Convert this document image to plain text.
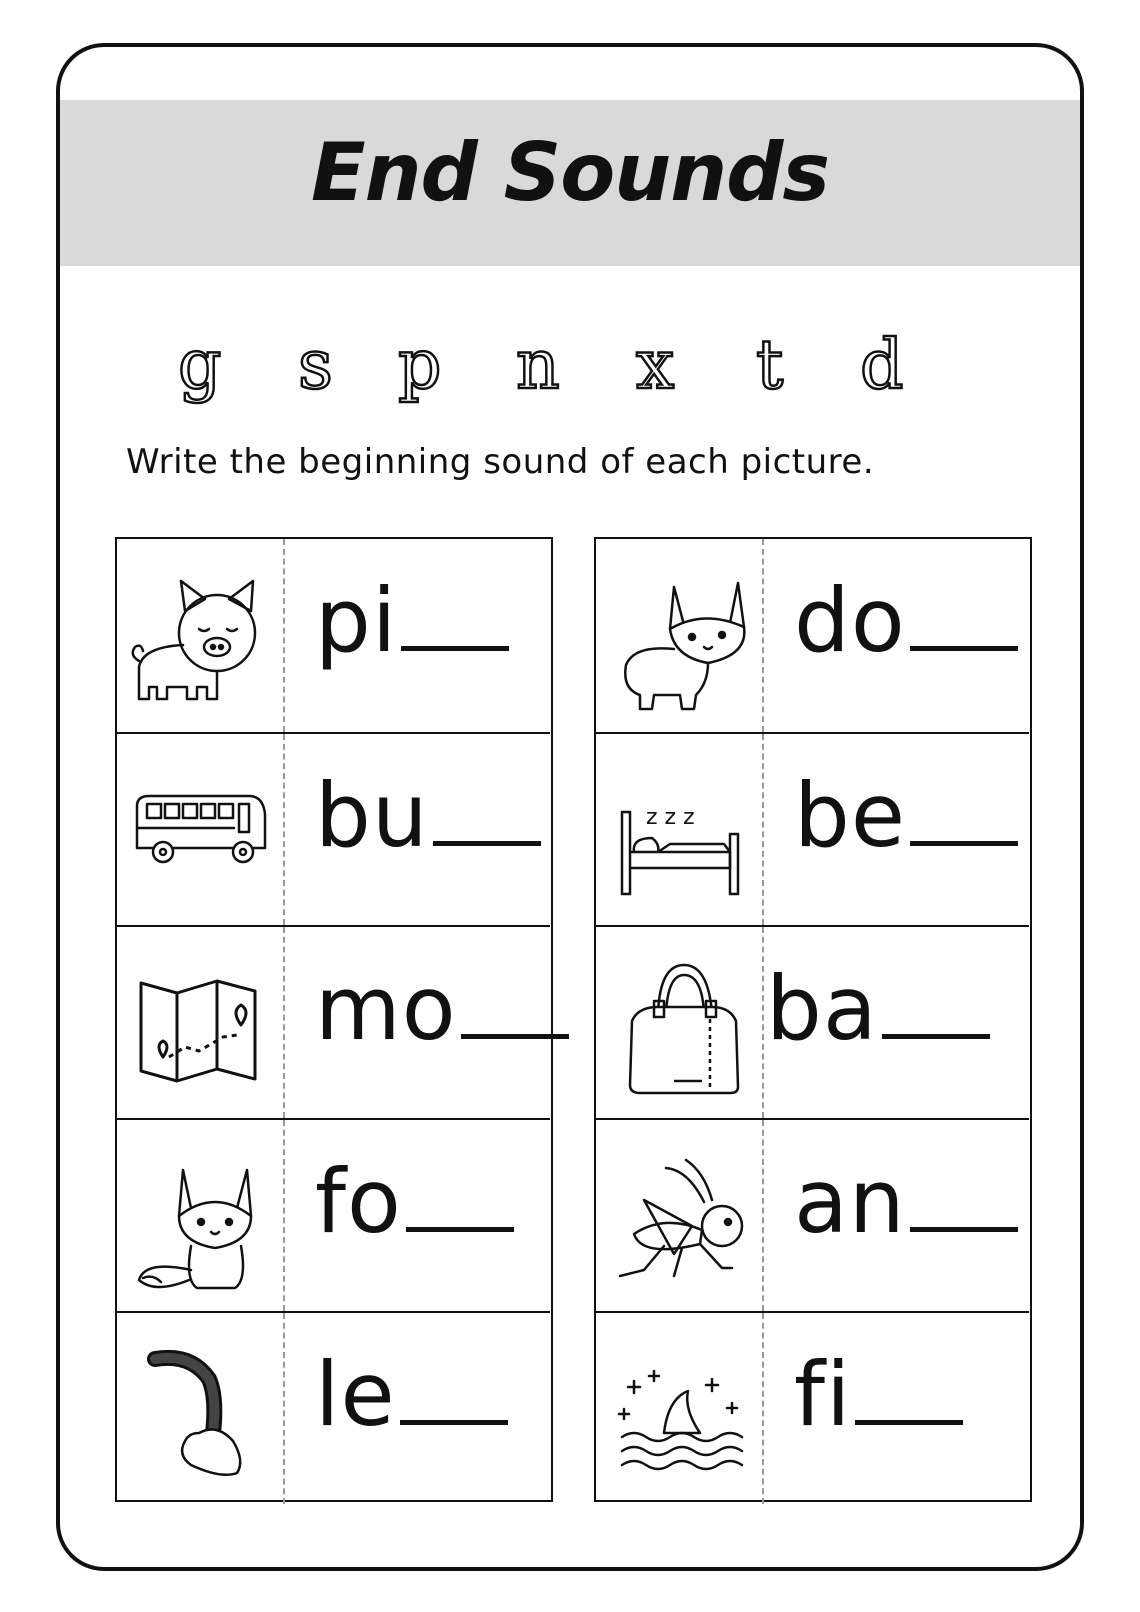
End Sounds
g s p n x t d
Write the beginning sound of each picture.
pi
bu
mo
fo
le
do
z z z be
ba
an
fi
